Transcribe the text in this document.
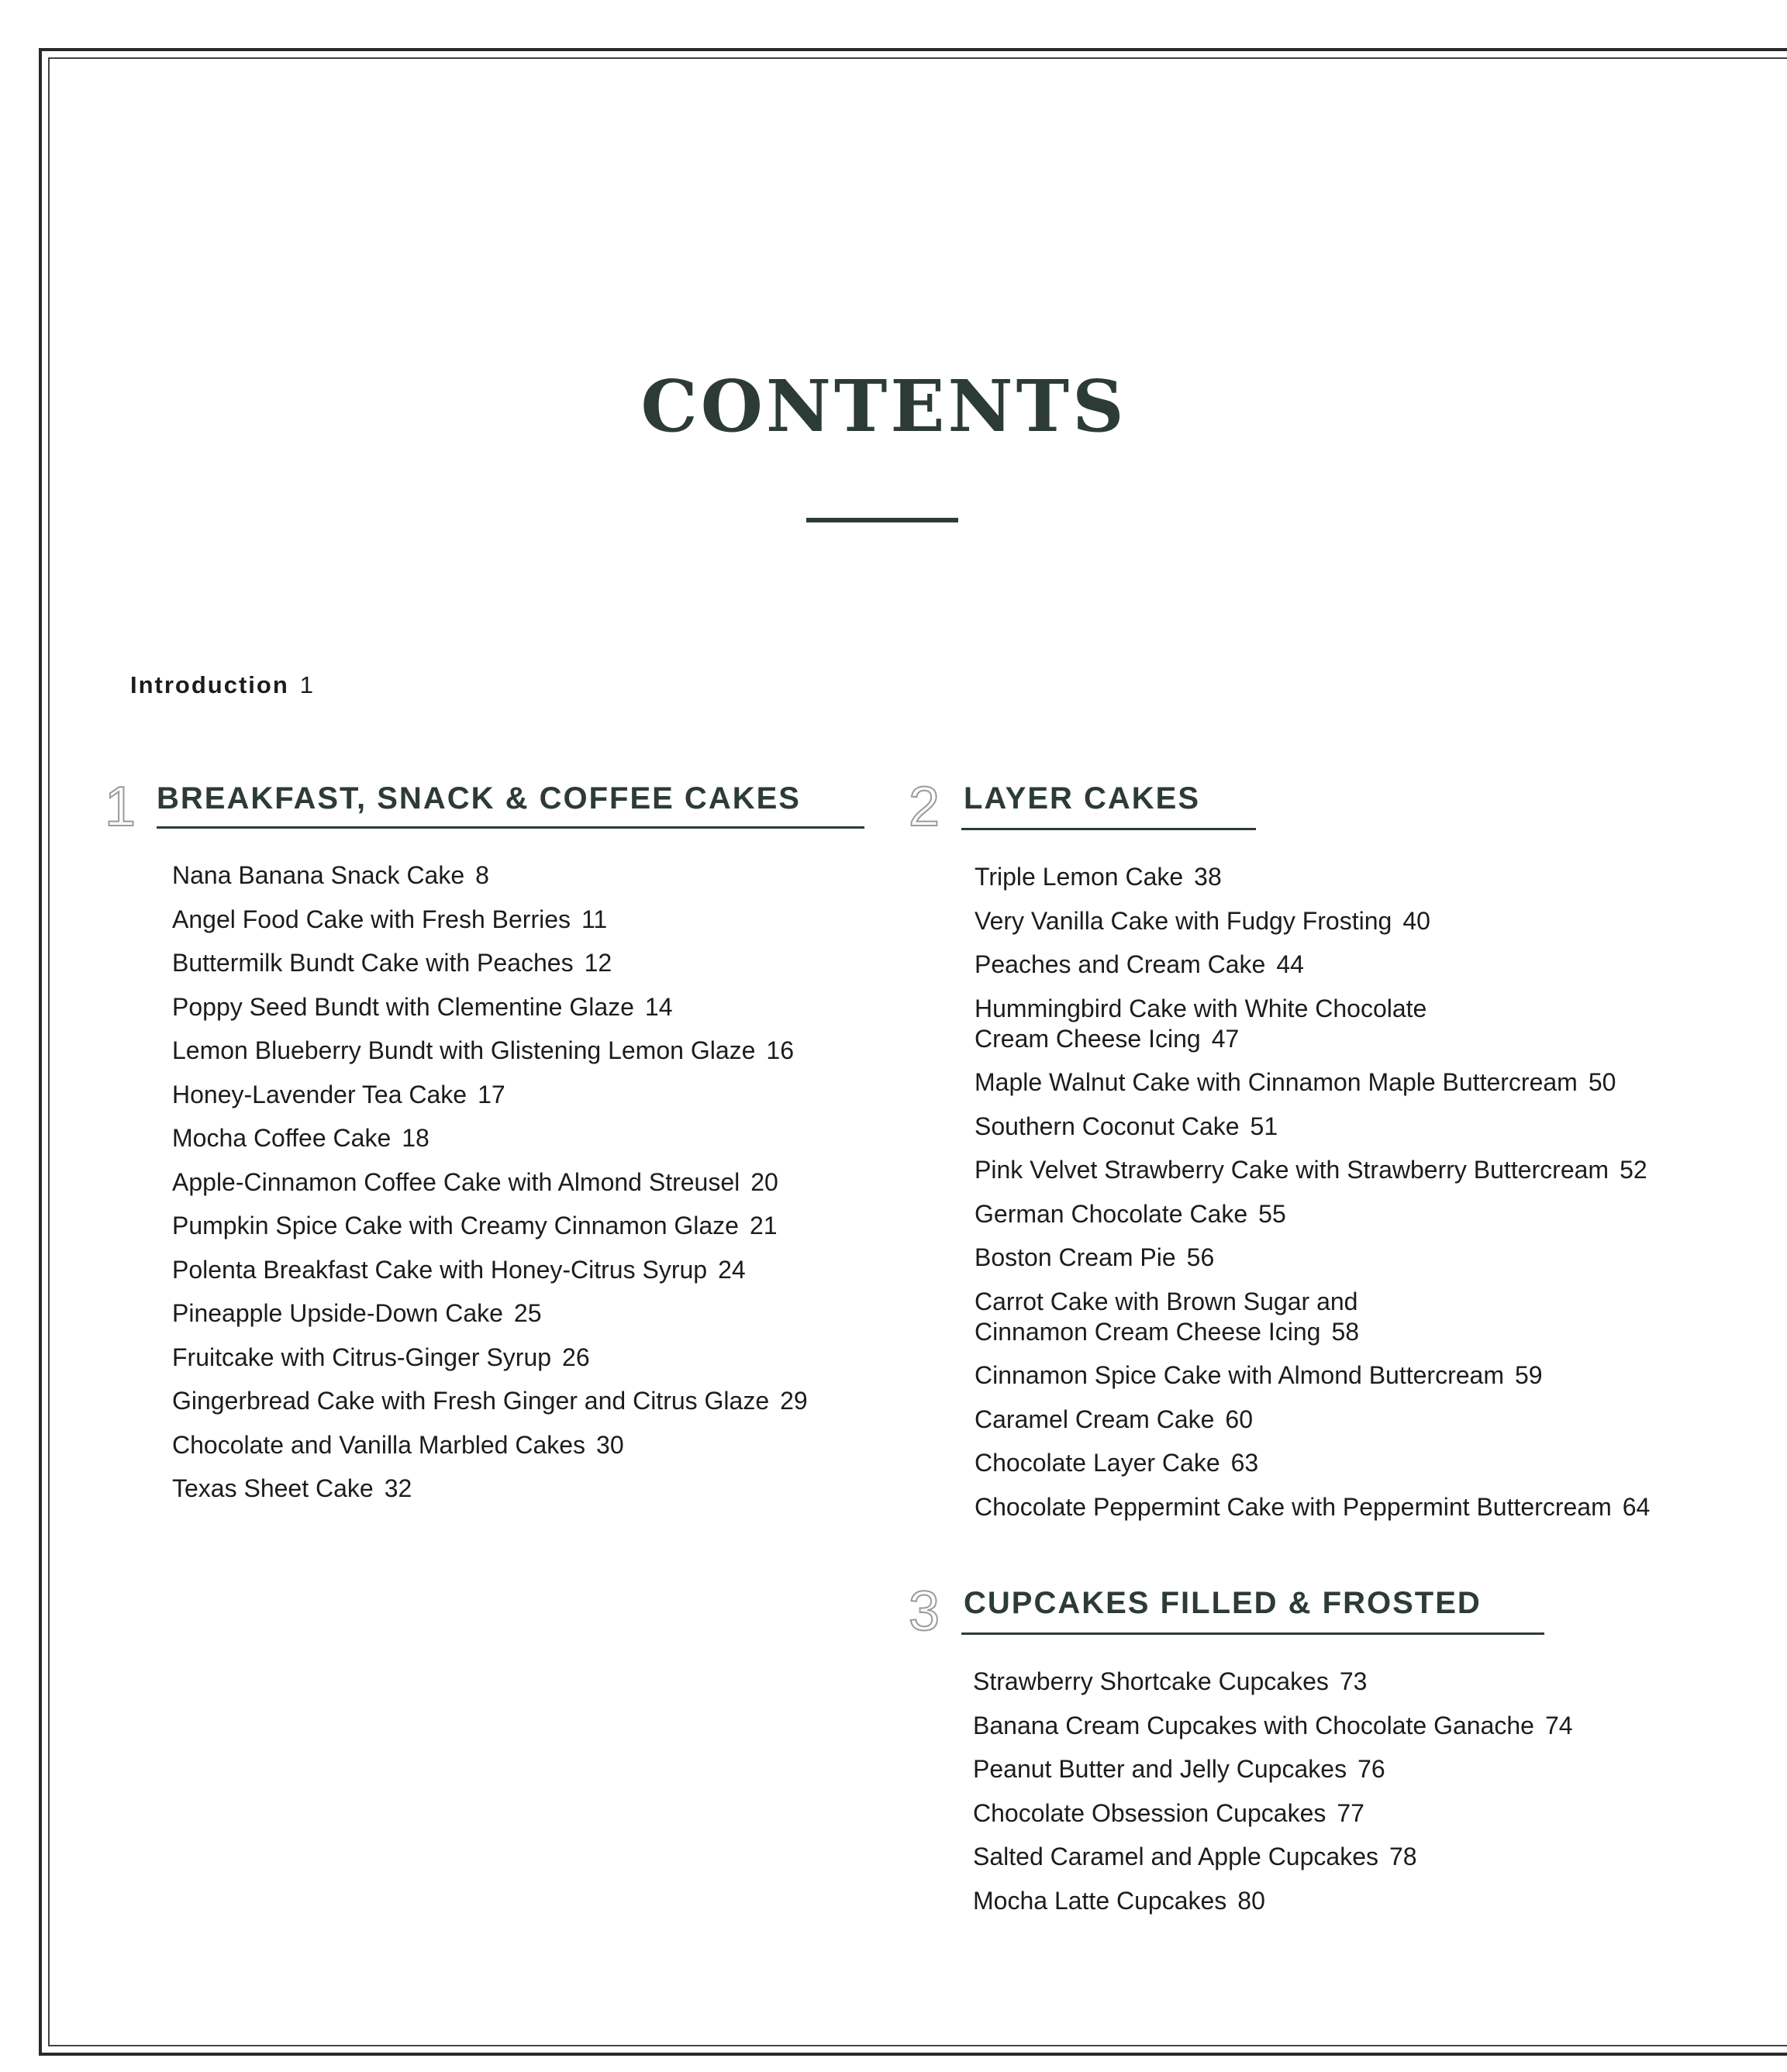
CONTENTS
Introduction 1
1 BREAKFAST, SNACK & COFFEE CAKES
Nana Banana Snack Cake 8
Angel Food Cake with Fresh Berries 11
Buttermilk Bundt Cake with Peaches 12
Poppy Seed Bundt with Clementine Glaze 14
Lemon Blueberry Bundt with Glistening Lemon Glaze 16
Honey-Lavender Tea Cake 17
Mocha Coffee Cake 18
Apple-Cinnamon Coffee Cake with Almond Streusel 20
Pumpkin Spice Cake with Creamy Cinnamon Glaze 21
Polenta Breakfast Cake with Honey-Citrus Syrup 24
Pineapple Upside-Down Cake 25
Fruitcake with Citrus-Ginger Syrup 26
Gingerbread Cake with Fresh Ginger and Citrus Glaze 29
Chocolate and Vanilla Marbled Cakes 30
Texas Sheet Cake 32
2 LAYER CAKES
Triple Lemon Cake 38
Very Vanilla Cake with Fudgy Frosting 40
Peaches and Cream Cake 44
Hummingbird Cake with White Chocolate
Cream Cheese Icing 47
Maple Walnut Cake with Cinnamon Maple Buttercream 50
Southern Coconut Cake 51
Pink Velvet Strawberry Cake with Strawberry Buttercream 52
German Chocolate Cake 55
Boston Cream Pie 56
Carrot Cake with Brown Sugar and
Cinnamon Cream Cheese Icing 58
Cinnamon Spice Cake with Almond Buttercream 59
Caramel Cream Cake 60
Chocolate Layer Cake 63
Chocolate Peppermint Cake with Peppermint Buttercream 64
3 CUPCAKES FILLED & FROSTED
Strawberry Shortcake Cupcakes 73
Banana Cream Cupcakes with Chocolate Ganache 74
Peanut Butter and Jelly Cupcakes 76
Chocolate Obsession Cupcakes 77
Salted Caramel and Apple Cupcakes 78
Mocha Latte Cupcakes 80
